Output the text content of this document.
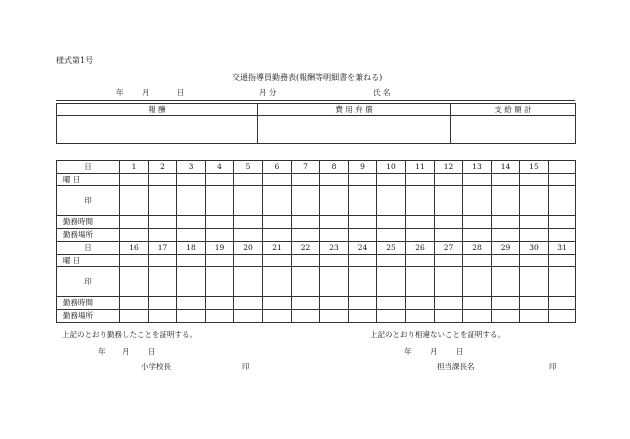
様式第1号
交通指導員勤務表(報酬等明細書を兼ねる)
年 月	日	月 分	氏 名
報 酬	費 用 弁 償	支 給 額 計

日	1	2	3	4	5	6	7	8	9	10	11	12	13	14	15	
曜 日																
印																
勤務時間																
勤務場所																
日	16	17	18	19	20	21	22	23	24	25	26	27	28	29	30	31
曜 日																
印																
勤務時間																
勤務場所																
上記のとおり勤務したことを証明する。	上記のとおり相違ないことを証明する。
年 月 日	年 月 日
小学校長	印	担当課長名	印
